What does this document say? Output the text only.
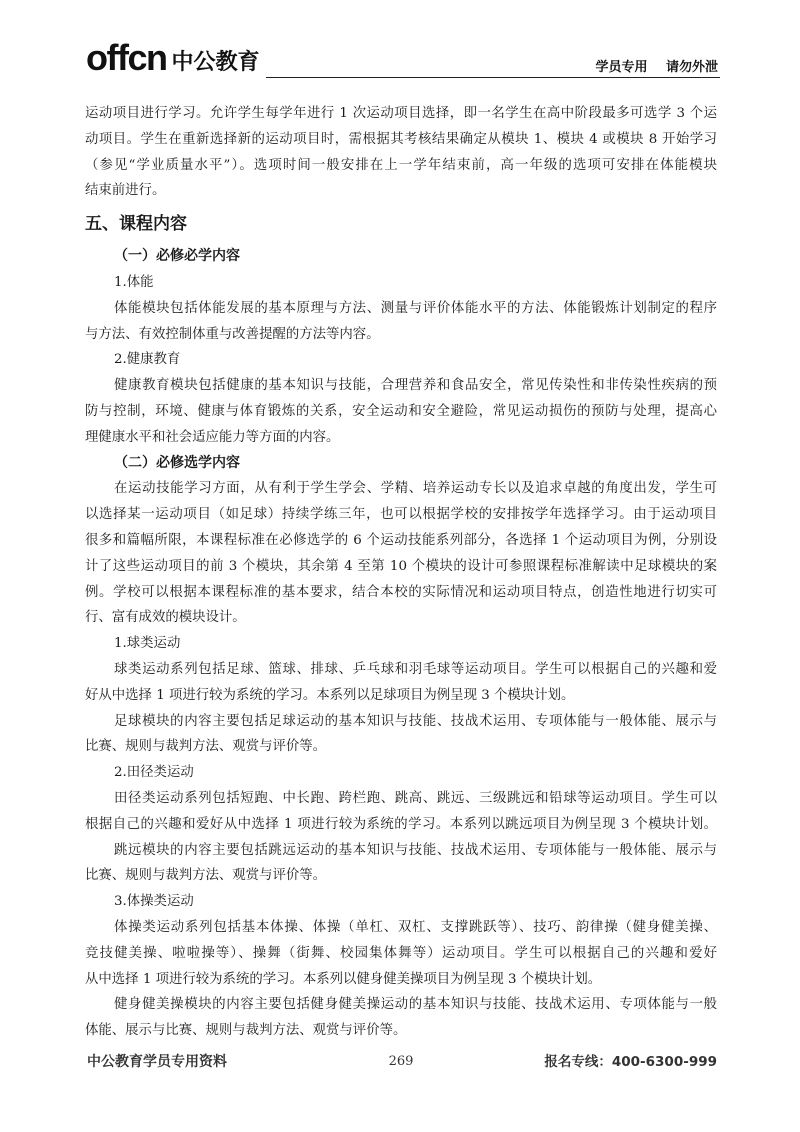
offcn 中公教育	学员专用 请勿外泄
运动项目进行学习。允许学生每学年进行 1 次运动项目选择，即一名学生在高中阶段最多可选学 3 个运
动项目。学生在重新选择新的运动项目时，需根据其考核结果确定从模块 1、模块 4 或模块 8 开始学习
（参见“学业质量水平”）。选项时间一般安排在上一学年结束前，高一年级的选项可安排在体能模块
结束前进行。
五、课程内容
（一）必修必学内容
1.体能
体能模块包括体能发展的基本原理与方法、测量与评价体能水平的方法、体能锻炼计划制定的程序
与方法、有效控制体重与改善提醒的方法等内容。
2.健康教育
健康教育模块包括健康的基本知识与技能，合理营养和食品安全，常见传染性和非传染性疾病的预
防与控制，环境、健康与体育锻炼的关系，安全运动和安全避险，常见运动损伤的预防与处理，提高心
理健康水平和社会适应能力等方面的内容。
（二）必修选学内容
在运动技能学习方面，从有利于学生学会、学精、培养运动专长以及追求卓越的角度出发，学生可
以选择某一运动项目（如足球）持续学练三年，也可以根据学校的安排按学年选择学习。由于运动项目
很多和篇幅所限，本课程标准在必修选学的 6 个运动技能系列部分，各选择 1 个运动项目为例，分别设
计了这些运动项目的前 3 个模块，其余第 4 至第 10 个模块的设计可参照课程标准解读中足球模块的案
例。学校可以根据本课程标准的基本要求，结合本校的实际情况和运动项目特点，创造性地进行切实可
行、富有成效的模块设计。
1.球类运动
球类运动系列包括足球、篮球、排球、乒乓球和羽毛球等运动项目。学生可以根据自己的兴趣和爱
好从中选择 1 项进行较为系统的学习。本系列以足球项目为例呈现 3 个模块计划。
足球模块的内容主要包括足球运动的基本知识与技能、技战术运用、专项体能与一般体能、展示与
比赛、规则与裁判方法、观赏与评价等。
2.田径类运动
田径类运动系列包括短跑、中长跑、跨栏跑、跳高、跳远、三级跳远和铅球等运动项目。学生可以
根据自己的兴趣和爱好从中选择 1 项进行较为系统的学习。本系列以跳远项目为例呈现 3 个模块计划。
跳远模块的内容主要包括跳远运动的基本知识与技能、技战术运用、专项体能与一般体能、展示与
比赛、规则与裁判方法、观赏与评价等。
3.体操类运动
体操类运动系列包括基本体操、体操（单杠、双杠、支撑跳跃等）、技巧、韵律操（健身健美操、
竞技健美操、啦啦操等）、操舞（街舞、校园集体舞等）运动项目。学生可以根据自己的兴趣和爱好
从中选择 1 项进行较为系统的学习。本系列以健身健美操项目为例呈现 3 个模块计划。
健身健美操模块的内容主要包括健身健美操运动的基本知识与技能、技战术运用、专项体能与一般
体能、展示与比赛、规则与裁判方法、观赏与评价等。
中公教育学员专用资料	269	报名专线：400-6300-999
